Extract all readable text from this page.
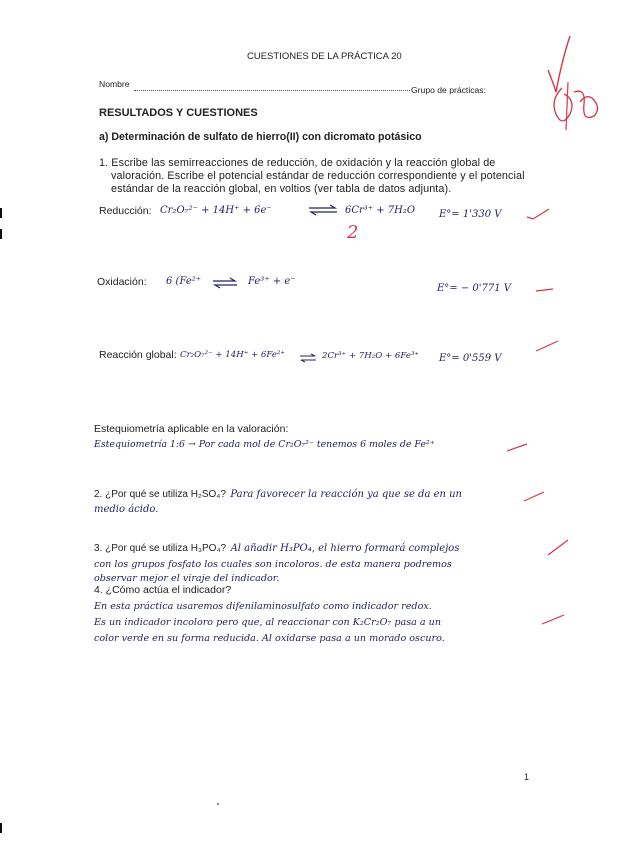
CUESTIONES DE LA PRÁCTICA 20
Nombre
Grupo de prácticas:
RESULTADOS Y CUESTIONES
a) Determinación de sulfato de hierro(II) con dicromato potásico
1. Escribe las semirreacciones de reducción, de oxidación y la reacción global de
valoración. Escribe el potencial estándar de reducción correspondiente y el potencial
estándar de la reacción global, en voltios (ver tabla de datos adjunta).
Reducción: Cr₂O₇²⁻ + 14H⁺ + 6e⁻ ⇌ 6Cr³⁺ + 7H₂O
2
E°= 1'330 V
Oxidación: 6 (Fe²⁺ ⇌ Fe³⁺ + e⁻
E°= − 0'771 V
Reacción global: Cr₂O₇²⁻ + 14H⁺ + 6Fe²⁺ ⇌ 2Cr³⁺ + 7H₂O + 6Fe³⁺ E°= 0'559 V
Estequiometría aplicable en la valoración:
Estequiometría 1:6 → Por cada mol de Cr₂O₇²⁻ tenemos 6 moles de Fe²⁺
2. ¿Por qué se utiliza H₂SO₄? Para favorecer la reacción ya que se da en un
medio ácido.
3. ¿Por qué se utiliza H₃PO₄? Al añadir H₃PO₄, el hierro formará complejos
con los grupos fosfato los cuales son incoloros. de esta manera podremos
observar mejor el viraje del indicador.
4. ¿Cómo actúa el indicador?
En esta práctica usaremos difenilaminosulfato como indicador redox.
Es un indicador incoloro pero que, al reaccionar con K₂Cr₂O₇ pasa a un
color verde en su forma reducida. Al oxidarse pasa a un morado oscuro.
1
